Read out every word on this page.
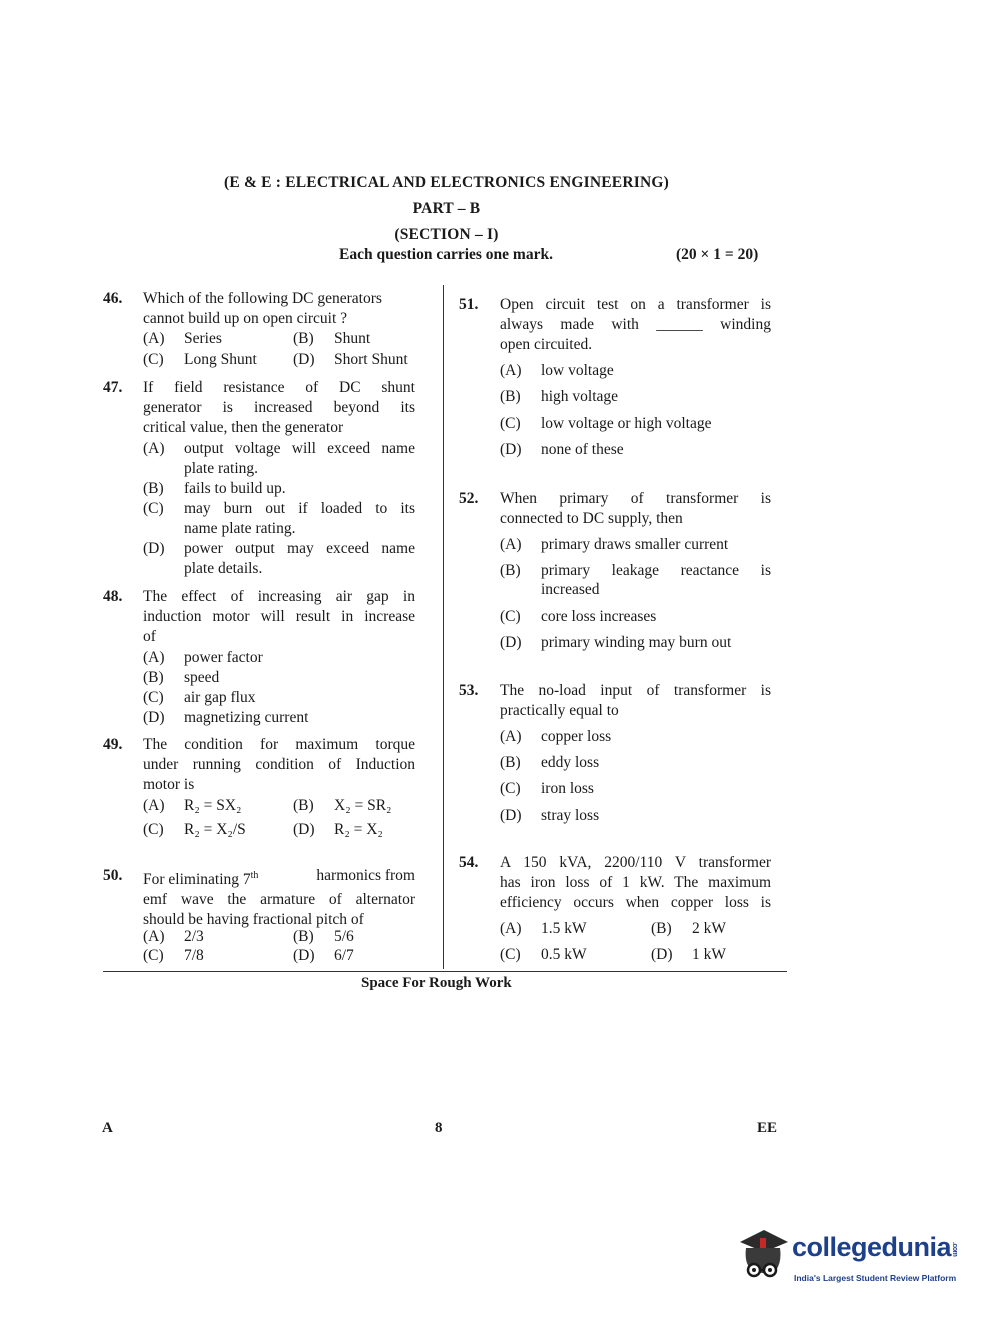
(E & E : ELECTRICAL AND ELECTRONICS ENGINEERING)
PART – B
(SECTION – I)
Each question carries one mark.	(20 × 1 = 20)
46. Which of the following DC generators
cannot build up on open circuit ?
(A) Series	(B) Shunt
(C) Long Shunt (D) Short Shunt
47. If field resistance of DC shunt
generator is increased beyond its
critical value, then the generator
(A) output voltage will exceed name
plate rating.
(B) fails to build up.
(C) may burn out if loaded to its
name plate rating.
(D) power output may exceed name
plate details.
48. The effect of increasing air gap in
induction motor will result in increase
of
(A) power factor
(B) speed
(C) air gap flux
(D) magnetizing current
49. The condition for maximum torque
under running condition of Induction
motor is
(A) R₂ = SX₂	(B) X₂ = SR₂
(C) R₂ = X₂/S	(D) R₂ = X₂
50. For eliminating 7th	harmonics from
emf wave the armature of alternator
should be having fractional pitch of
(A) 2/3	(B) 5/6
(C) 7/8	(D) 6/7
51. Open circuit test on a transformer is
always made with ______ winding
open circuited.
(A) low voltage
(B) high voltage
(C) low voltage or high voltage
(D) none of these
52. When primary of transformer is
connected to DC supply, then
(A) primary draws smaller current
(B) primary leakage reactance is
increased
(C) core loss increases
(D) primary winding may burn out
53. The no-load input of transformer is
practically equal to
(A) copper loss
(B) eddy loss
(C) iron loss
(D) stray loss
54. A 150 kVA, 2200/110 V transformer
has iron loss of 1 kW. The maximum
efficiency occurs when copper loss is
(A) 1.5 kW	(B) 2 kW
(C) 0.5 kW	(D) 1 kW
Space For Rough Work
A	8	EE
collegedunia.com
India's Largest Student Review Platform
